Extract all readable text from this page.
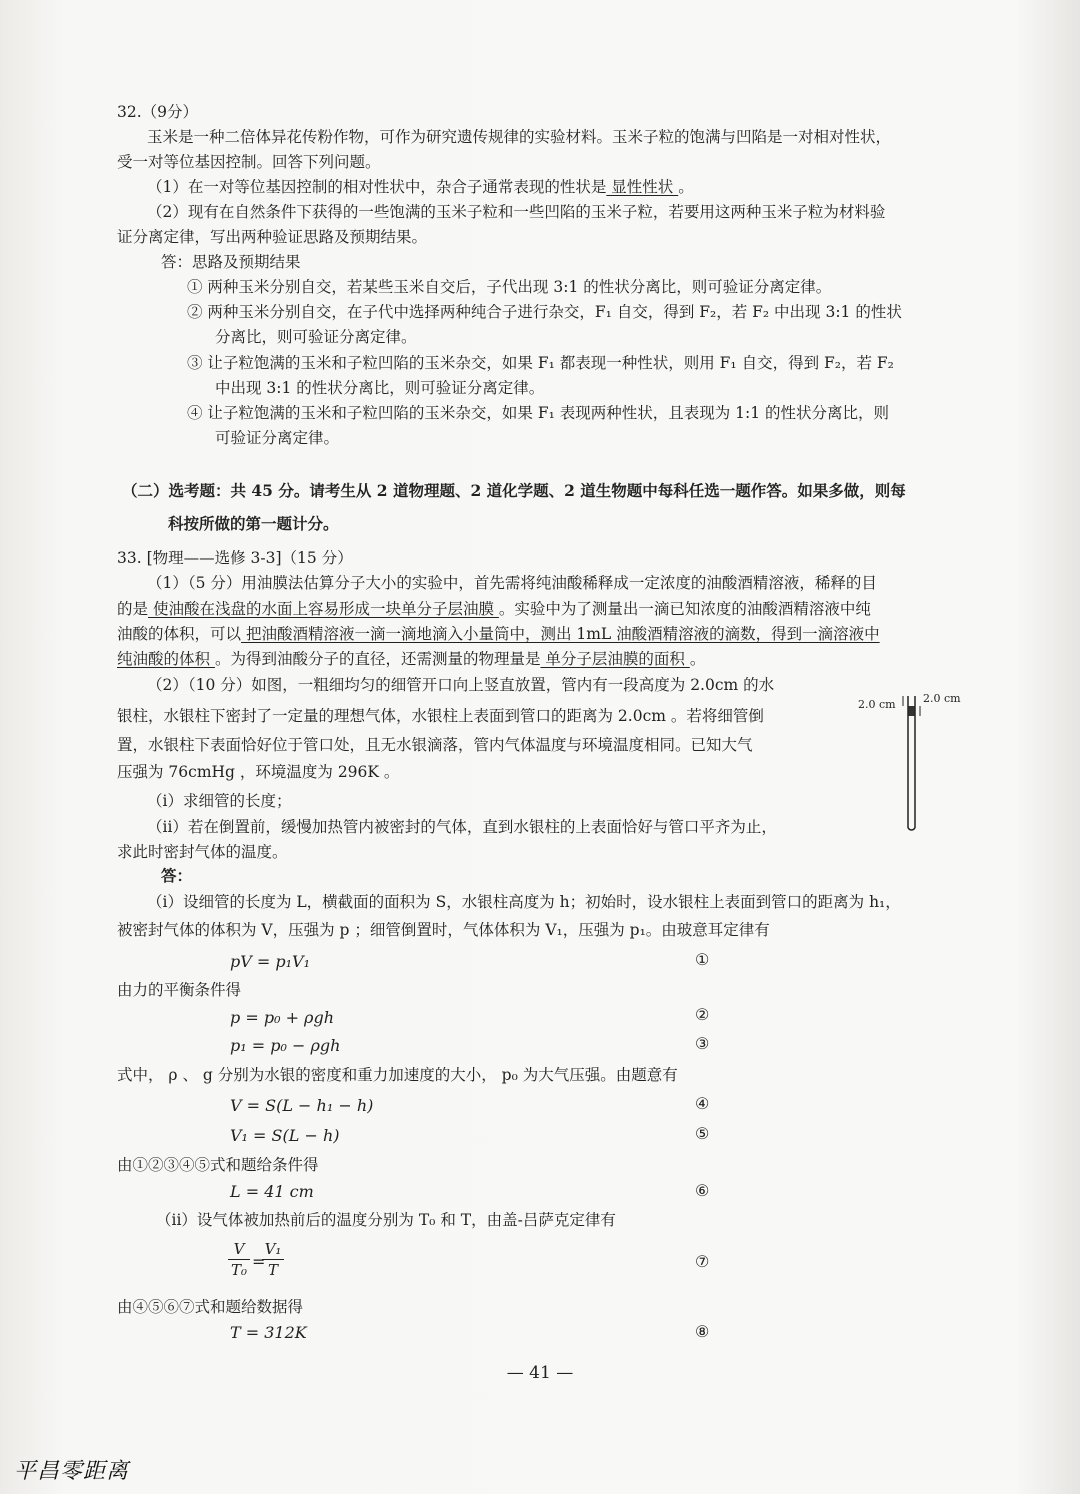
32.（9分）
玉米是一种二倍体异花传粉作物，可作为研究遗传规律的实验材料。玉米子粒的饱满与凹陷是一对相对性状，
受一对等位基因控制。回答下列问题。
（1）在一对等位基因控制的相对性状中，杂合子通常表现的性状是 显性性状 。
（2）现有在自然条件下获得的一些饱满的玉米子粒和一些凹陷的玉米子粒，若要用这两种玉米子粒为材料验
证分离定律，写出两种验证思路及预期结果。
答：思路及预期结果
① 两种玉米分别自交，若某些玉米自交后，子代出现 3:1 的性状分离比，则可验证分离定律。
② 两种玉米分别自交，在子代中选择两种纯合子进行杂交，F₁ 自交，得到 F₂，若 F₂ 中出现 3:1 的性状
分离比，则可验证分离定律。
③ 让子粒饱满的玉米和子粒凹陷的玉米杂交，如果 F₁ 都表现一种性状，则用 F₁ 自交，得到 F₂，若 F₂
中出现 3:1 的性状分离比，则可验证分离定律。
④ 让子粒饱满的玉米和子粒凹陷的玉米杂交，如果 F₁ 表现两种性状，且表现为 1:1 的性状分离比，则
可验证分离定律。
（二）选考题：共 45 分。请考生从 2 道物理题、2 道化学题、2 道生物题中每科任选一题作答。如果多做，则每
科按所做的第一题计分。
33. [物理——选修 3-3]（15 分）
（1）（5 分）用油膜法估算分子大小的实验中，首先需将纯油酸稀释成一定浓度的油酸酒精溶液，稀释的目
的是 使油酸在浅盘的水面上容易形成一块单分子层油膜 。实验中为了测量出一滴已知浓度的油酸酒精溶液中纯
油酸的体积，可以 把油酸酒精溶液一滴一滴地滴入小量筒中，测出 1mL 油酸酒精溶液的滴数，得到一滴溶液中
纯油酸的体积 。为得到油酸分子的直径，还需测量的物理量是 单分子层油膜的面积 。
（2）（10 分）如图，一粗细均匀的细管开口向上竖直放置，管内有一段高度为 2.0cm 的水
银柱，水银柱下密封了一定量的理想气体，水银柱上表面到管口的距离为 2.0cm 。若将细管倒
置，水银柱下表面恰好位于管口处，且无水银滴落，管内气体温度与环境温度相同。已知大气
压强为 76cmHg ，环境温度为 296K 。
（i）求细管的长度；
（ii）若在倒置前，缓慢加热管内被密封的气体，直到水银柱的上表面恰好与管口平齐为止，
求此时密封气体的温度。
2.0 cm 2.0 cm
答：
（i）设细管的长度为 L，横截面的面积为 S，水银柱高度为 h；初始时，设水银柱上表面到管口的距离为 h₁，
被密封气体的体积为 V，压强为 p ；细管倒置时，气体体积为 V₁，压强为 p₁。由玻意耳定律有
pV = p₁V₁	①
由力的平衡条件得
p = p₀ + ρgh	②
p₁ = p₀ − ρgh	③
式中， ρ 、 g 分别为水银的密度和重力加速度的大小， p₀ 为大气压强。由题意有
V = S(L − h₁ − h)	④
V₁ = S(L − h)	⑤
由①②③④⑤式和题给条件得
L = 41 cm	⑥
（ii）设气体被加热前后的温度分别为 T₀ 和 T，由盖-吕萨克定律有
V
T₀ =
V₁
T	⑦
由④⑤⑥⑦式和题给数据得
T = 312K	⑧
— 41 —
平昌零距离
